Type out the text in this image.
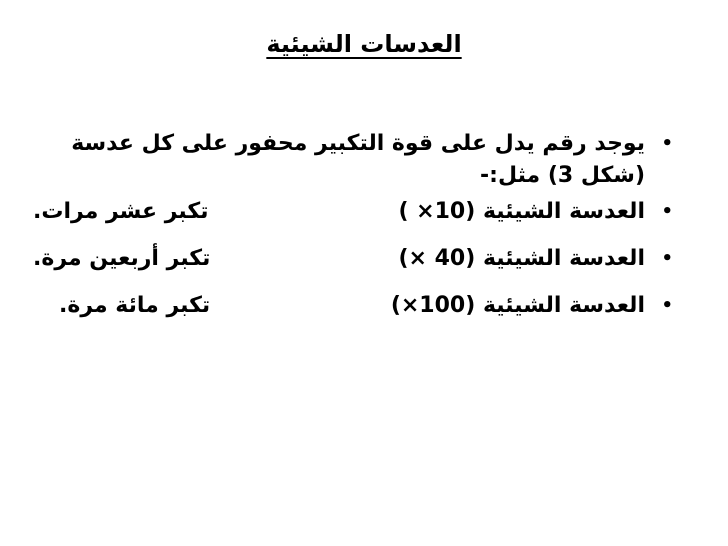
العدسات الشيئية
•
يوجد رقم يدل على قوة التكبير محفور على كل عدسة (شكل 3) مثل:-
•
العدسة الشيئية ( ×10)
تكبر عشر مرات.
•
العدسة الشيئية (× 40)
تكبر أربعين مرة.
•
العدسة الشيئية (×100)
تكبر مائة مرة.
